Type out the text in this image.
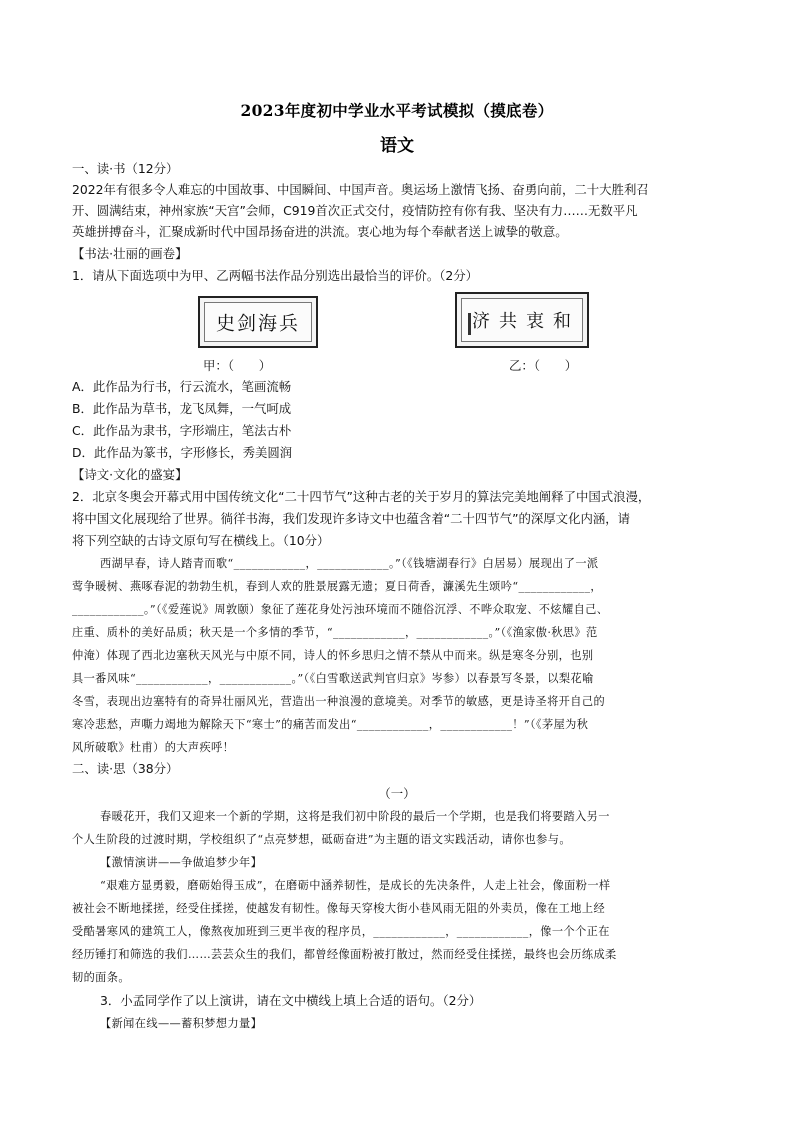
2023年度初中学业水平考试模拟（摸底卷）
语文
一、读·书（12分）
2022年有很多令人难忘的中国故事、中国瞬间、中国声音。奥运场上激情飞扬、奋勇向前，二十大胜利召
开、圆满结束，神州家族“天宫”会师，C919首次正式交付，疫情防控有你有我、坚决有力……无数平凡
英雄拼搏奋斗，汇聚成新时代中国昂扬奋进的洪流。衷心地为每个奉献者送上诚挚的敬意。
【书法·壮丽的画卷】
1．请从下面选项中为甲、乙两幅书法作品分别选出最恰当的评价。（2分）
史剑海兵	济共衷和
甲：（　　）	乙：（　　）
A．此作品为行书，行云流水，笔画流畅
B．此作品为草书，龙飞凤舞，一气呵成
C．此作品为隶书，字形端庄，笔法古朴
D．此作品为篆书，字形修长，秀美圆润
【诗文·文化的盛宴】
2．北京冬奥会开幕式用中国传统文化“二十四节气”这种古老的关于岁月的算法完美地阐释了中国式浪漫，
将中国文化展现给了世界。徜徉书海，我们发现许多诗文中也蕴含着“二十四节气”的深厚文化内涵，请
将下列空缺的古诗文原句写在横线上。（10分）
西湖早春，诗人踏青而歌“____________，____________。”（《钱塘湖春行》白居易）展现出了一派
莺争暖树、燕啄春泥的勃勃生机，春到人欢的胜景展露无遗；夏日荷香，濂溪先生颂吟“____________，
____________。”（《爱莲说》周敦颐）象征了莲花身处污浊环境而不随俗沉浮、不哗众取宠、不炫耀自己、
庄重、质朴的美好品质；秋天是一个多情的季节，“____________，____________。”（《渔家傲·秋思》范
仲淹）体现了西北边塞秋天风光与中原不同，诗人的怀乡思归之情不禁从中而来。纵是寒冬分别，也别
具一番风味“____________，____________。”（《白雪歌送武判官归京》岑参）以春景写冬景，以梨花喻
冬雪，表现出边塞特有的奇异壮丽风光，营造出一种浪漫的意境美。对季节的敏感，更是诗圣将开自己的
寒冷悲愁，声嘶力竭地为解除天下“寒士”的痛苦而发出“____________，____________！”（《茅屋为秋
风所破歌》杜甫）的大声疾呼！
二、读·思（38分）
（一）
春暖花开，我们又迎来一个新的学期，这将是我们初中阶段的最后一个学期，也是我们将要踏入另一
个人生阶段的过渡时期，学校组织了“点亮梦想，砥砺奋进”为主题的语文实践活动，请你也参与。
【激情演讲——争做追梦少年】
“艰难方显勇毅，磨砺始得玉成”，在磨砺中涵养韧性，是成长的先决条件，人走上社会，像面粉一样
被社会不断地揉搓，经受住揉搓，使越发有韧性。像每天穿梭大街小巷风雨无阻的外卖员，像在工地上经
受酷暑寒风的建筑工人，像熬夜加班到三更半夜的程序员，____________，____________，像一个个正在
经历锤打和筛选的我们……芸芸众生的我们，都曾经像面粉被打散过，然而经受住揉搓，最终也会历练成柔
韧的面条。
3．小孟同学作了以上演讲，请在文中横线上填上合适的语句。（2分）
【新闻在线——蓄积梦想力量】
